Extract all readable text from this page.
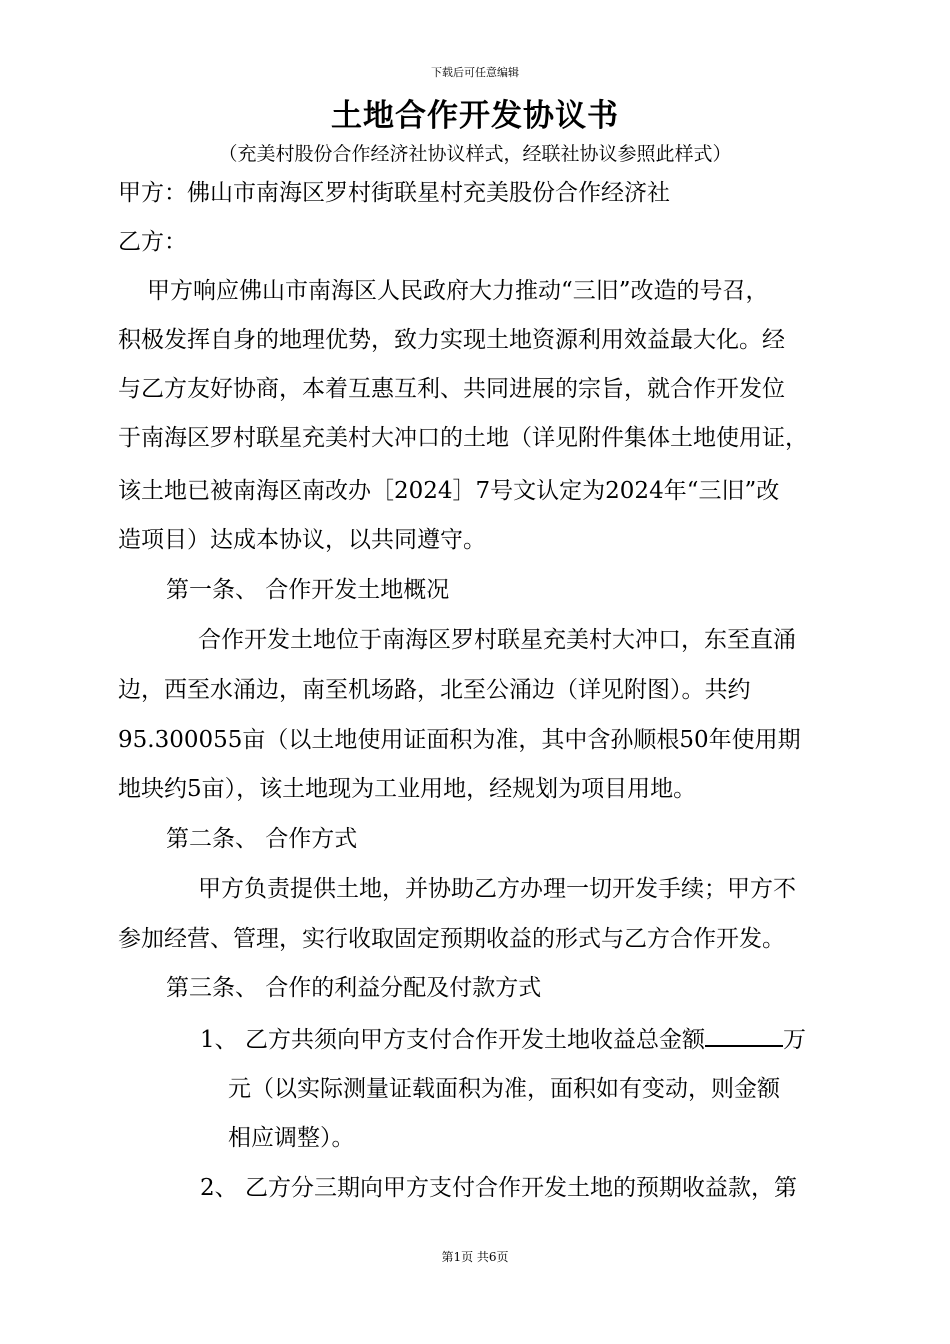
下载后可任意编辑
土地合作开发协议书
（充美村股份合作经济社协议样式，经联社协议参照此样式）
甲方：佛山市南海区罗村街联星村充美股份合作经济社
乙方：
甲方响应佛山市南海区人民政府大力推动“三旧”改造的号召，
积极发挥自身的地理优势，致力实现土地资源利用效益最大化。经
与乙方友好协商，本着互惠互利、共同进展的宗旨，就合作开发位
于南海区罗村联星充美村大冲口的土地（详见附件集体土地使用证，
该土地已被南海区南改办［2024］7号文认定为2024年“三旧”改
造项目）达成本协议，以共同遵守。
第一条、 合作开发土地概况
合作开发土地位于南海区罗村联星充美村大冲口，东至直涌
边，西至水涌边，南至机场路，北至公涌边（详见附图）。共约
95.300055亩（以土地使用证面积为准，其中含孙顺根50年使用期
地块约5亩），该土地现为工业用地，经规划为项目用地。
第二条、 合作方式
甲方负责提供土地，并协助乙方办理一切开发手续；甲方不
参加经营、管理，实行收取固定预期收益的形式与乙方合作开发。
第三条、 合作的利益分配及付款方式
1、 乙方共须向甲方支付合作开发土地收益总金额	万
元（以实际测量证载面积为准，面积如有变动，则金额
相应调整）。
2、 乙方分三期向甲方支付合作开发土地的预期收益款，第
第1页 共6页
